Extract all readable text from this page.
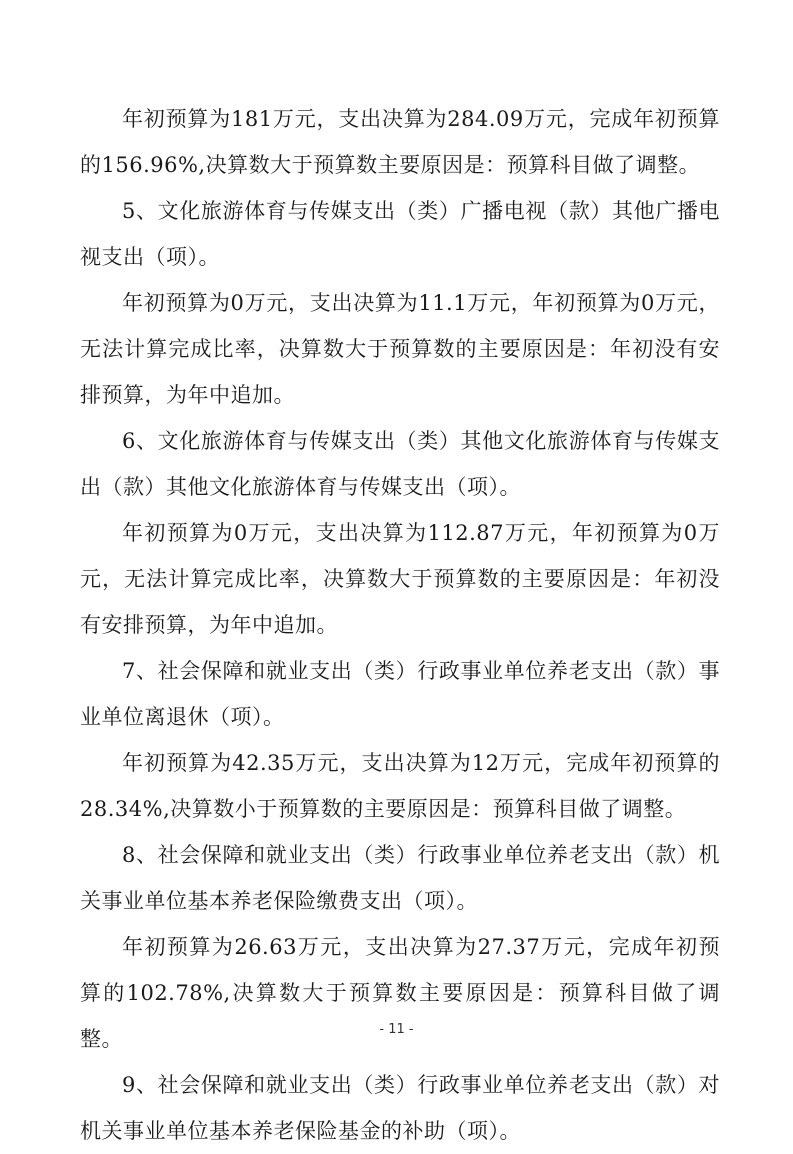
年初预算为181万元，支出决算为284.09万元，完成年初预算的156.96%,决算数大于预算数主要原因是：预算科目做了调整。

5、文化旅游体育与传媒支出（类）广播电视（款）其他广播电视支出（项）。

年初预算为0万元，支出决算为11.1万元，年初预算为0万元，无法计算完成比率，决算数大于预算数的主要原因是：年初没有安排预算，为年中追加。

6、文化旅游体育与传媒支出（类）其他文化旅游体育与传媒支出（款）其他文化旅游体育与传媒支出（项）。

年初预算为0万元，支出决算为112.87万元，年初预算为0万元，无法计算完成比率，决算数大于预算数的主要原因是：年初没有安排预算，为年中追加。

7、社会保障和就业支出（类）行政事业单位养老支出（款）事业单位离退休（项）。

年初预算为42.35万元，支出决算为12万元，完成年初预算的28.34%,决算数小于预算数的主要原因是：预算科目做了调整。

8、社会保障和就业支出（类）行政事业单位养老支出（款）机关事业单位基本养老保险缴费支出（项）。

年初预算为26.63万元，支出决算为27.37万元，完成年初预算的102.78%,决算数大于预算数主要原因是：预算科目做了调整。

9、社会保障和就业支出（类）行政事业单位养老支出（款）对机关事业单位基本养老保险基金的补助（项）。

- 11 -
